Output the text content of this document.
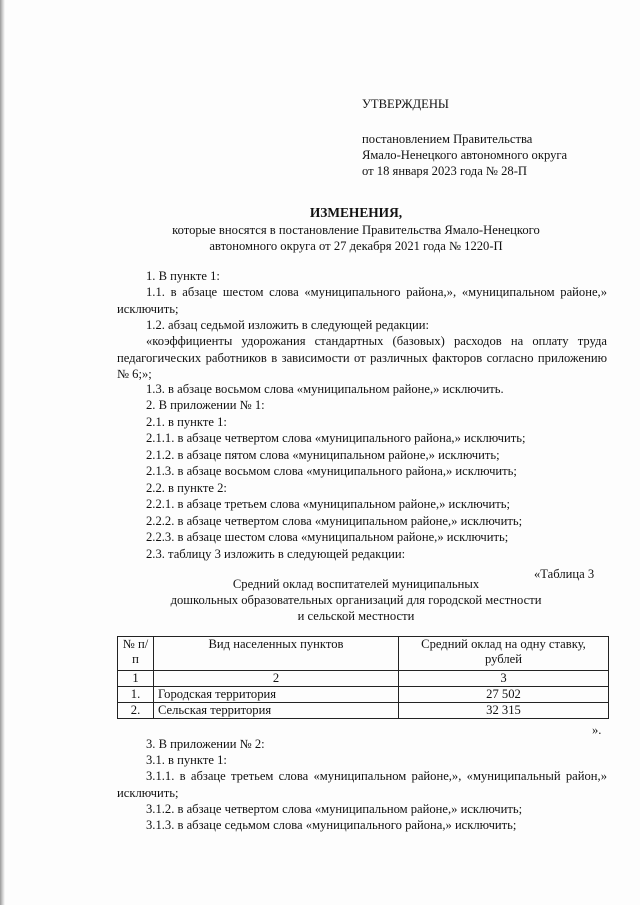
УТВЕРЖДЕНЫ
постановлением Правительства
Ямало-Ненецкого автономного округа
от 18 января 2023 года № 28-П
ИЗМЕНЕНИЯ,
которые вносятся в постановление Правительства Ямало-Ненецкого
автономного округа от 27 декабря 2021 года № 1220-П
1. В пункте 1:
1.1. в абзаце шестом слова «муниципального района,», «муниципальном районе,» исключить;
1.2. абзац седьмой изложить в следующей редакции:
«коэффициенты удорожания стандартных (базовых) расходов на оплату труда педагогических работников в зависимости от различных факторов согласно приложению № 6;»;
1.3. в абзаце восьмом слова «муниципальном районе,» исключить.
2. В приложении № 1:
2.1. в пункте 1:
2.1.1. в абзаце четвертом слова «муниципального района,» исключить;
2.1.2. в абзаце пятом слова «муниципальном районе,» исключить;
2.1.3. в абзаце восьмом слова «муниципального района,» исключить;
2.2. в пункте 2:
2.2.1. в абзаце третьем слова «муниципальном районе,» исключить;
2.2.2. в абзаце четвертом слова «муниципальном районе,» исключить;
2.2.3. в абзаце шестом слова «муниципальном районе,» исключить;
2.3. таблицу 3 изложить в следующей редакции:
«Таблица 3
Средний оклад воспитателей муниципальных
дошкольных образовательных организаций для городской местности
и сельской местности
№ п/п	Вид населенных пунктов	Средний оклад на одну ставку, рублей
1	2	3
1.	Городская территория	27 502
2.	Сельская территория	32 315
».
3. В приложении № 2:
3.1. в пункте 1:
3.1.1. в абзаце третьем слова «муниципальном районе,», «муниципальный район,» исключить;
3.1.2. в абзаце четвертом слова «муниципальном районе,» исключить;
3.1.3. в абзаце седьмом слова «муниципального района,» исключить;
